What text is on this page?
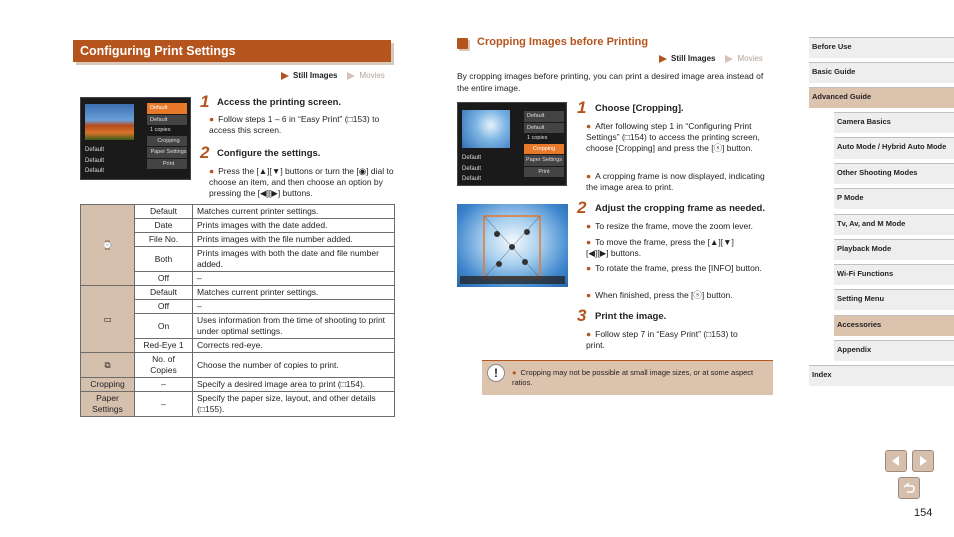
Configuring Print Settings
Still Images	Movies
Default
Default
Default
Default
Default
1 copies
Cropping
Paper Settings
Print
1 Access the printing screen.
● Follow steps 1 – 6 in “Easy Print” (□153) to access this screen.
2 Configure the settings.
● Press the [▲][▼] buttons or turn the [◉] dial to choose an item, and then choose an option by pressing the [◀][▶] buttons.
⌚	Default	Matches current printer settings.
	Date	Prints images with the date added.
	File No.	Prints images with the file number added.
	Both	Prints images with both the date and file number added.
	Off	–
▭	Default	Matches current printer settings.
	Off	–
	On	Uses information from the time of shooting to print under optimal settings.
	Red-Eye 1	Corrects red-eye.
⧉	No. of Copies	Choose the number of copies to print.
Cropping	–	Specify a desired image area to print (□154).
Paper Settings	–	Specify the paper size, layout, and other details (□155).
Cropping Images before Printing
Still Images	Movies
By cropping images before printing, you can print a desired image area instead of the entire image.
Default
Default
Default
Default
Default
1 copies
Cropping
Paper Settings
Print
1 Choose [Cropping].
● After following step 1 in “Configuring Print Settings” (□154) to access the printing screen, choose [Cropping] and press the [ⓢ] button.
● A cropping frame is now displayed, indicating the image area to print.
2 Adjust the cropping frame as needed.
● To resize the frame, move the zoom lever.
● To move the frame, press the [▲][▼][◀][▶] buttons.
● To rotate the frame, press the [INFO] button.
● When finished, press the [ⓢ] button.
3 Print the image.
● Follow step 7 in “Easy Print” (□153) to print.
!	● Cropping may not be possible at small image sizes, or at some aspect ratios.
Before Use
Basic Guide
Advanced Guide
Camera Basics
Auto Mode / Hybrid Auto Mode
Other Shooting Modes
P Mode
Tv, Av, and M Mode
Playback Mode
Wi-Fi Functions
Setting Menu
Accessories
Appendix
Index
154
